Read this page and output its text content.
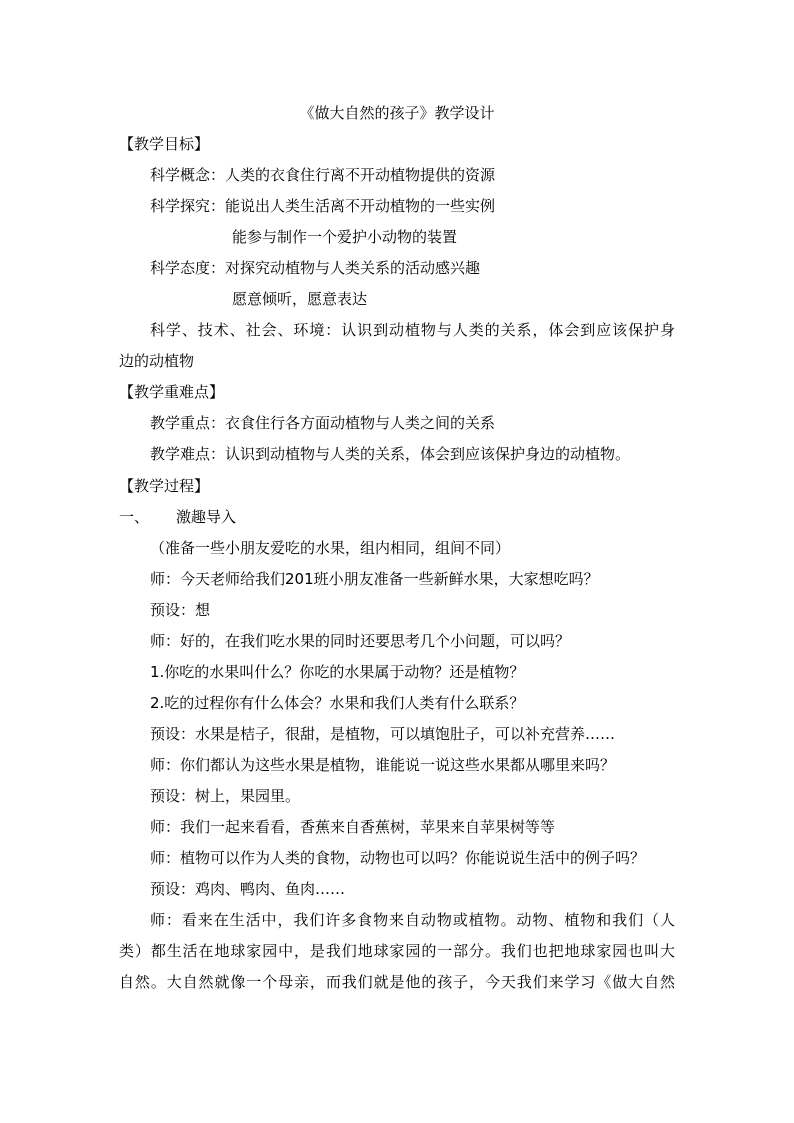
《做大自然的孩子》教学设计
【教学目标】
科学概念：人类的衣食住行离不开动植物提供的资源
科学探究：能说出人类生活离不开动植物的一些实例
能参与制作一个爱护小动物的装置
科学态度：对探究动植物与人类关系的活动感兴趣
愿意倾听，愿意表达
科学、技术、社会、环境：认识到动植物与人类的关系，体会到应该保护身
边的动植物
【教学重难点】
教学重点：衣食住行各方面动植物与人类之间的关系
教学难点：认识到动植物与人类的关系，体会到应该保护身边的动植物。
【教学过程】
一、 激趣导入
（准备一些小朋友爱吃的水果，组内相同，组间不同）
师：今天老师给我们201班小朋友准备一些新鲜水果，大家想吃吗？
预设：想
师：好的，在我们吃水果的同时还要思考几个小问题，可以吗？
1.你吃的水果叫什么？你吃的水果属于动物？还是植物？
2.吃的过程你有什么体会？水果和我们人类有什么联系？
预设：水果是桔子，很甜，是植物，可以填饱肚子，可以补充营养……
师：你们都认为这些水果是植物，谁能说一说这些水果都从哪里来吗？
预设：树上，果园里。
师：我们一起来看看，香蕉来自香蕉树，苹果来自苹果树等等
师：植物可以作为人类的食物，动物也可以吗？你能说说生活中的例子吗？
预设：鸡肉、鸭肉、鱼肉……
师：看来在生活中，我们许多食物来自动物或植物。动物、植物和我们（人
类）都生活在地球家园中，是我们地球家园的一部分。我们也把地球家园也叫大
自然。大自然就像一个母亲，而我们就是他的孩子，今天我们来学习《做大自然
